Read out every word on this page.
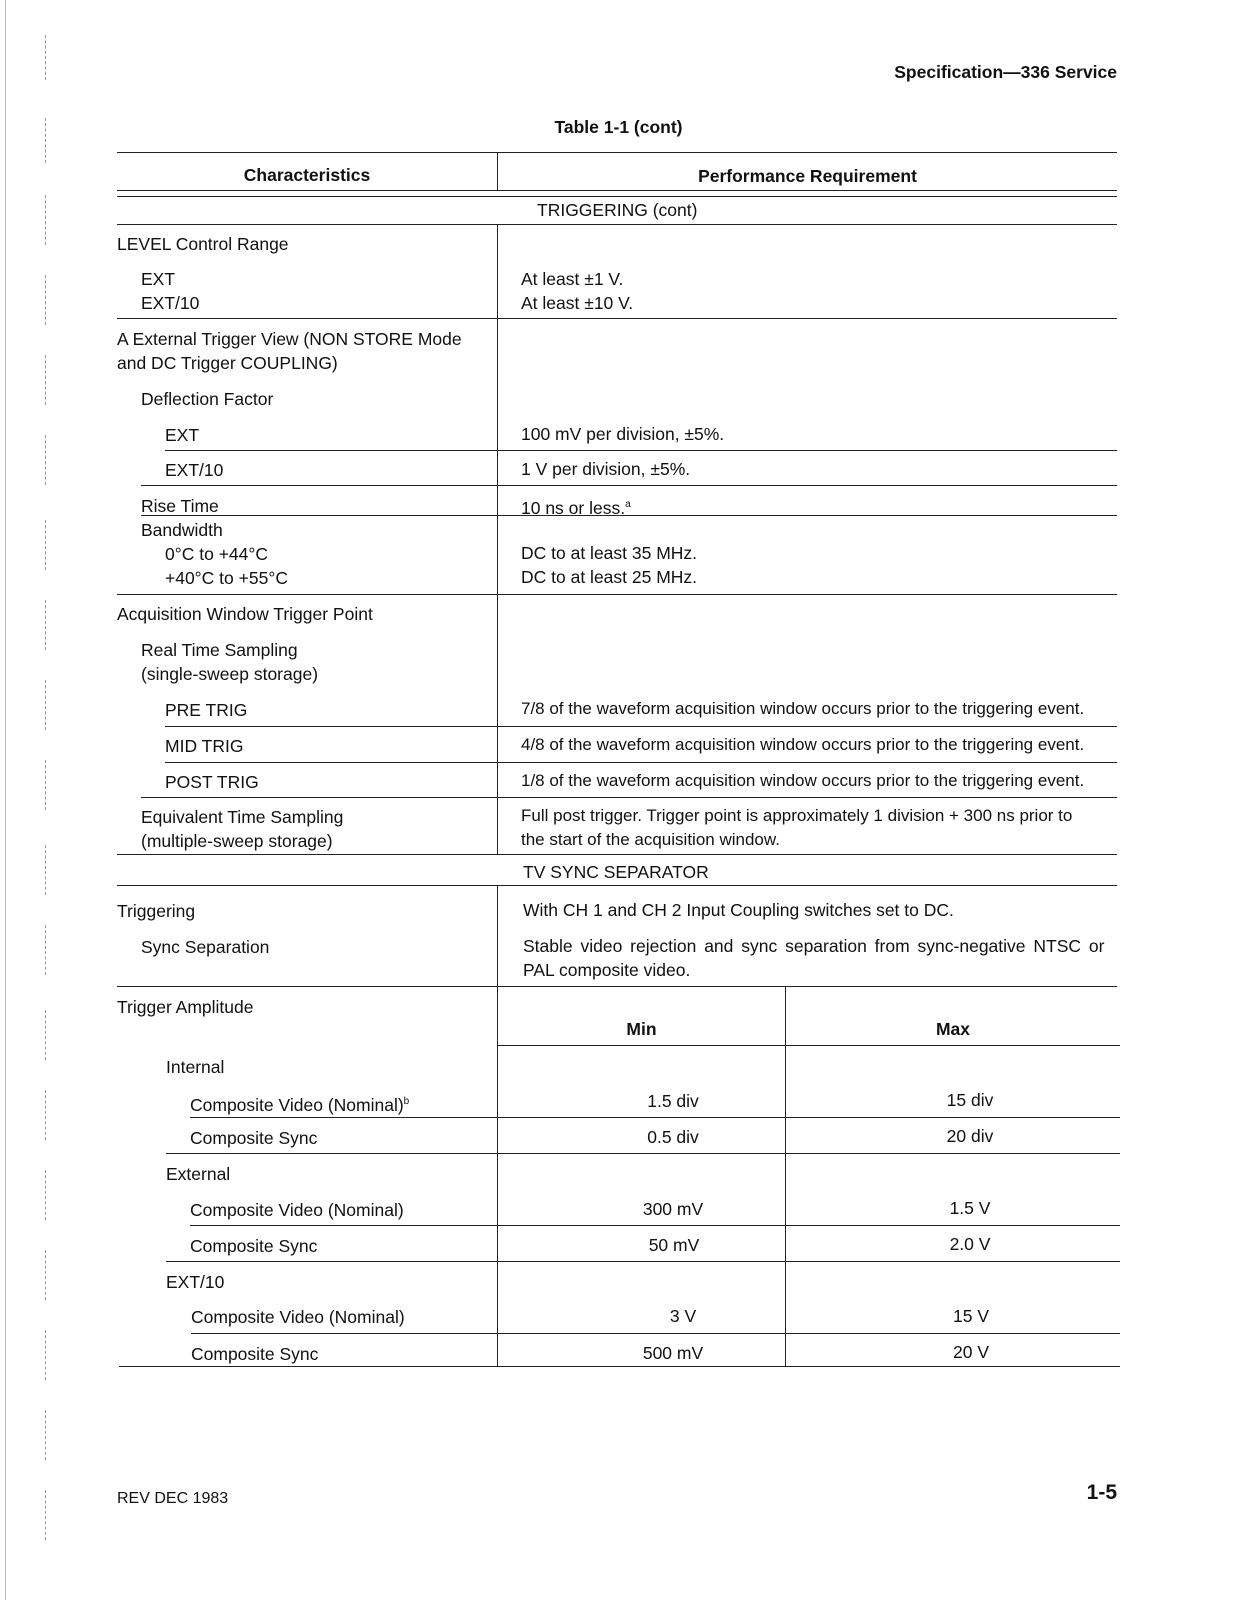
Specification—336 Service
Table 1-1 (cont)
Characteristics	Performance Requirement
TRIGGERING (cont)
LEVEL Control Range
EXT	At least ±1 V.
EXT/10	At least ±10 V.
A External Trigger View (NON STORE Mode
and DC Trigger COUPLING)
Deflection Factor
EXT	100 mV per division, ±5%.
EXT/10	1 V per division, ±5%.
Rise Time	10 ns or less.$^a$
Bandwidth
0°C to +44°C	DC to at least 35 MHz.
+40°C to +55°C	DC to at least 25 MHz.
Acquisition Window Trigger Point
Real Time Sampling
(single-sweep storage)
PRE TRIG	7/8 of the waveform acquisition window occurs prior to the triggering event.
MID TRIG	4/8 of the waveform acquisition window occurs prior to the triggering event.
POST TRIG	1/8 of the waveform acquisition window occurs prior to the triggering event.
Equivalent Time Sampling
(multiple-sweep storage)
Full post trigger. Trigger point is approximately 1 division + 300 ns prior to
the start of the acquisition window.
TV SYNC SEPARATOR
Triggering	With CH 1 and CH 2 Input Coupling switches set to DC.
Sync Separation	Stable video rejection and sync separation from sync-negative NTSC or
PAL composite video.
Trigger Amplitude
Min	Max
Internal
Composite Video (Nominal)$^b$	1.5 div	15 div
Composite Sync	0.5 div	20 div
External
Composite Video (Nominal)	300 mV	1.5 V
Composite Sync	50 mV	2.0 V
EXT/10
Composite Video (Nominal)	3 V	15 V
Composite Sync	500 mV	20 V
REV DEC 1983	1-5
